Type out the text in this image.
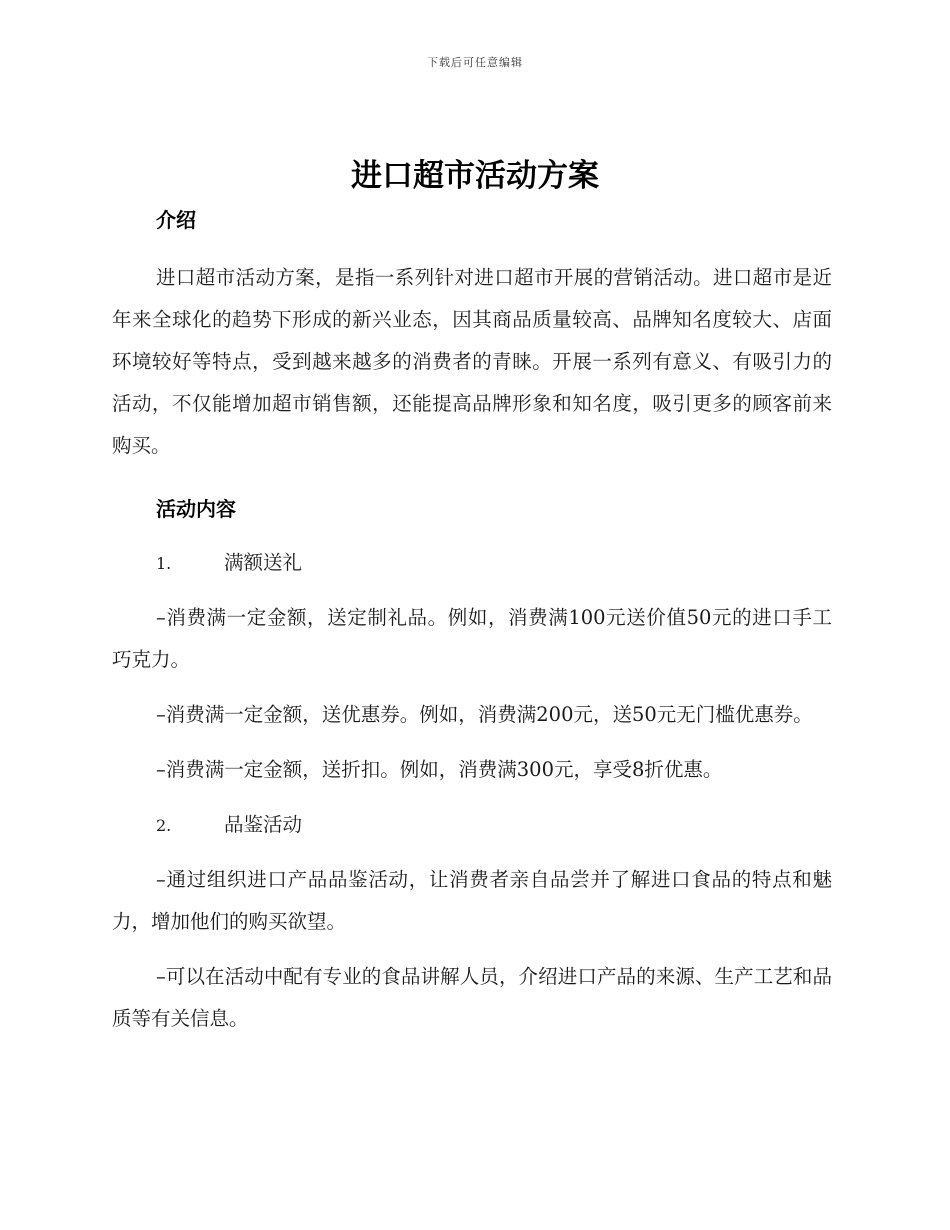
下载后可任意编辑
进口超市活动方案
介绍

进口超市活动方案，是指一系列针对进口超市开展的营销活动。进口超市是近年来全球化的趋势下形成的新兴业态，因其商品质量较高、品牌知名度较大、店面环境较好等特点，受到越来越多的消费者的青睐。开展一系列有意义、有吸引力的活动，不仅能增加超市销售额，还能提高品牌形象和知名度，吸引更多的顾客前来购买。

活动内容
1.	满额送礼

–消费满一定金额，送定制礼品。例如，消费满100元送价值50元的进口手工巧克力。

–消费满一定金额，送优惠券。例如，消费满200元，送50元无门槛优惠券。

–消费满一定金额，送折扣。例如，消费满300元，享受8折优惠。

2.	品鉴活动

–通过组织进口产品品鉴活动，让消费者亲自品尝并了解进口食品的特点和魅力，增加他们的购买欲望。

–可以在活动中配有专业的食品讲解人员，介绍进口产品的来源、生产工艺和品质等有关信息。
